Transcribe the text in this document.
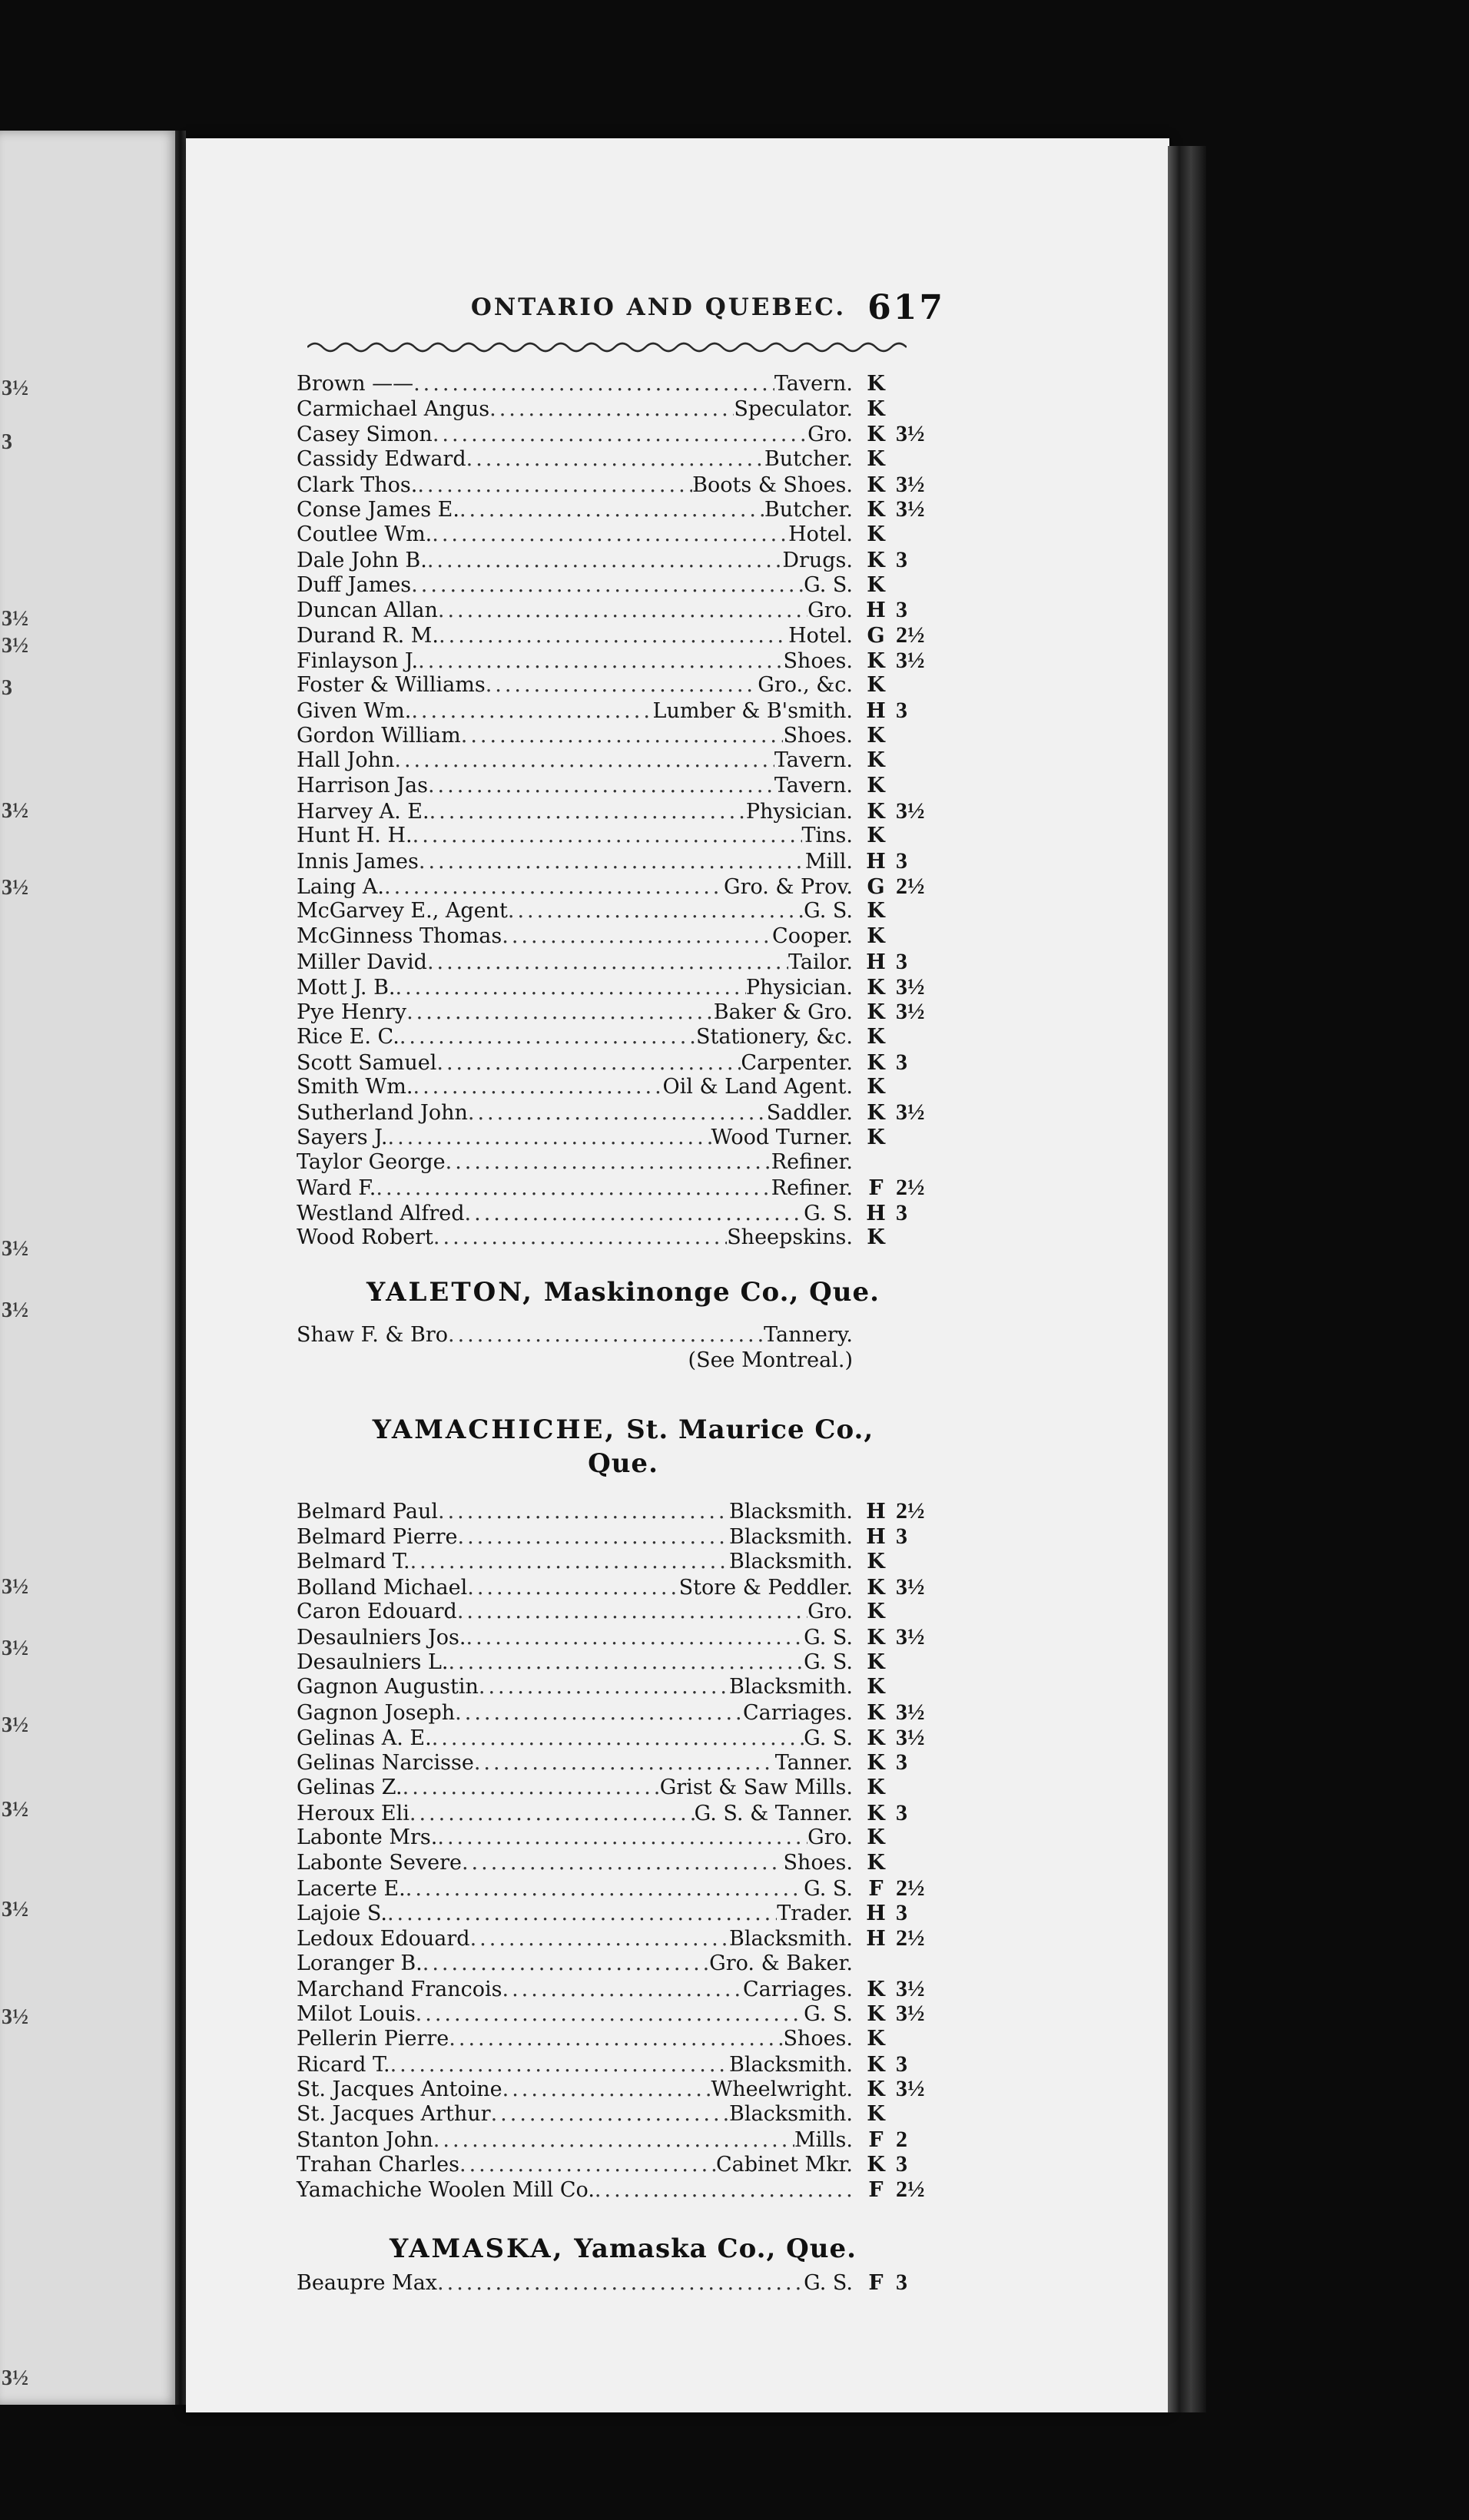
3½
3
3½
3½
3
3½
3½
3½
3½
3½
3½
3½
3½
3½
3½
3½
ONTARIO AND QUEBEC. 617
Brown —— .....	Tavern. K
Carmichael Angus .....	Speculator. K
Casey Simon .....	Gro. K 3½
Cassidy Edward .....	Butcher. K
Clark Thos. .....	Boots & Shoes. K 3½
Conse James E. .....	Butcher. K 3½
Coutlee Wm. .....	Hotel. K
Dale John B. .....	Drugs. K 3
Duff James .....	G. S. K
Duncan Allan .....	Gro. H 3
Durand R. M. .....	Hotel. G 2½
Finlayson J. .....	Shoes. K 3½
Foster & Williams .....	Gro., &c. K
Given Wm. .....	Lumber & B'smith. H 3
Gordon William .....	Shoes. K
Hall John .....	Tavern. K
Harrison Jas .....	Tavern. K
Harvey A. E. .....	Physician. K 3½
Hunt H. H. .....	Tins. K
Innis James .....	Mill. H 3
Laing A. .....	Gro. & Prov. G 2½
McGarvey E., Agent .....	G. S. K
McGinness Thomas .....	Cooper. K
Miller David .....	Tailor. H 3
Mott J. B. .....	Physician. K 3½
Pye Henry .....	Baker & Gro. K 3½
Rice E. C. .....	Stationery, &c. K
Scott Samuel .....	Carpenter. K 3
Smith Wm. .....	Oil & Land Agent. K
Sutherland John .....	Saddler. K 3½
Sayers J. .....	Wood Turner. K
Taylor George .....	Refiner.
Ward F. .....	Refiner. F 2½
Westland Alfred .....	G. S. H 3
Wood Robert .....	Sheepskins. K
YALETON, Maskinonge Co., Que.
Shaw F. & Bro .....	Tannery.
(See Montreal.)
YAMACHICHE, St. Maurice Co.,
Que.
Belmard Paul .....	Blacksmith. H 2½
Belmard Pierre .....	Blacksmith. H 3
Belmard T. .....	Blacksmith. K
Bolland Michael .....	Store & Peddler. K 3½
Caron Edouard .....	Gro. K
Desaulniers Jos. .....	G. S. K 3½
Desaulniers L. .....	G. S. K
Gagnon Augustin .....	Blacksmith. K
Gagnon Joseph .....	Carriages. K 3½
Gelinas A. E. .....	G. S. K 3½
Gelinas Narcisse .....	Tanner. K 3
Gelinas Z. .....	Grist & Saw Mills. K
Heroux Eli .....	G. S. & Tanner. K 3
Labonte Mrs. .....	Gro. K
Labonte Severe .....	Shoes. K
Lacerte E. .....	G. S. F 2½
Lajoie S. .....	Trader. H 3
Ledoux Edouard .....	Blacksmith. H 2½
Loranger B. .....	Gro. & Baker.
Marchand Francois .....	Carriages. K 3½
Milot Louis .....	G. S. K 3½
Pellerin Pierre .....	Shoes. K
Ricard T. .....	Blacksmith. K 3
St. Jacques Antoine .....	Wheelwright. K 3½
St. Jacques Arthur .....	Blacksmith. K
Stanton John .....	Mills. F 2
Trahan Charles .....	Cabinet Mkr. K 3
Yamachiche Woolen Mill Co. .....	F 2½
YAMASKA, Yamaska Co., Que.
Beaupre Max .....	G. S. F 3
